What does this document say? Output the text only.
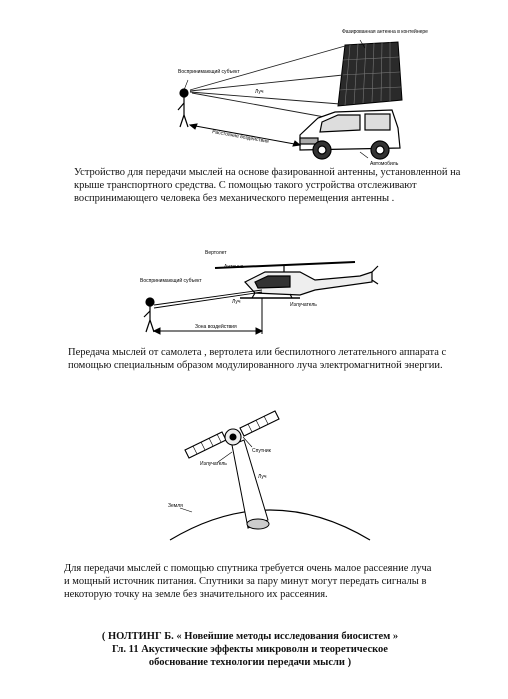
Воспринимающий субъект
Фазированная антенна в контейнере
Луч
Расстояние воздействия
Автомобиль
Вертолет
Воспринимающий субъект
Антенна
Излучатель
Луч
Зона воздействия
Спутник
Излучатель
Луч
Земля
Устройство для передачи мыслей на основе фазированной антенны, установленной на
крыше транспортного средства. С помощью такого устройства отслеживают
воспринимающего человека без механического перемещения антенны .
Передача мыслей от самолета , вертолета или беспилотного летательного аппарата с
помощью специальным образом модулированного луча электромагнитной энергии.
Для передачи мыслей с помощью спутника требуется очень малое рассеяние луча
и мощный источник питания. Спутники за пару минут могут передать сигналы в
некоторую точку на земле без значительного их рассеяния.
( НОЛТИНГ Б. « Новейшие методы исследования биосистем »
Гл. 11 Акустические эффекты микроволн и теоретическое
обоснование технологии передачи мысли )
